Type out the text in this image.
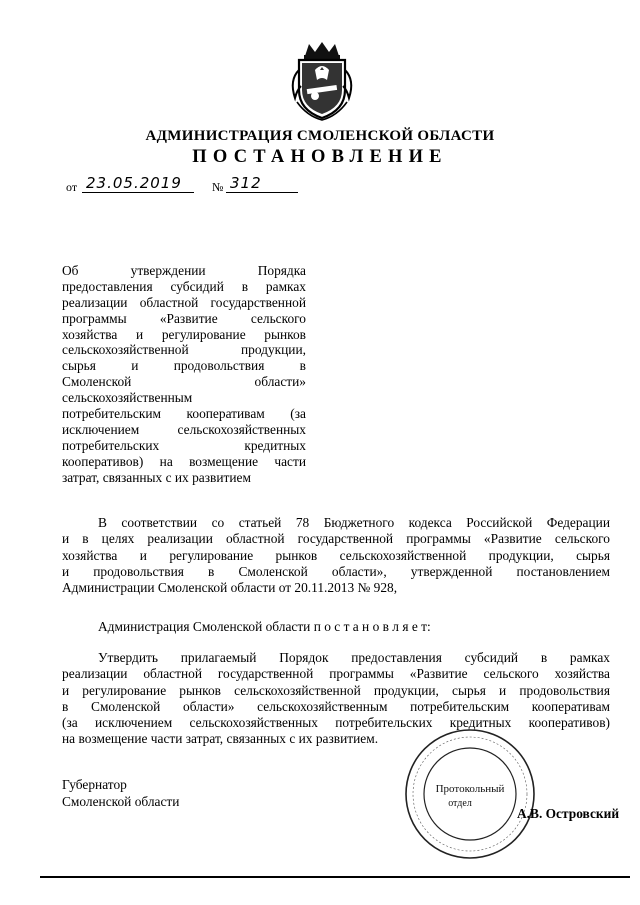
АДМИНИСТРАЦИЯ СМОЛЕНСКОЙ ОБЛАСТИ
ПОСТАНОВЛЕНИЕ
от 23.05.2019	№ 312
Об утверждении Порядка
предоставления субсидий в рамках
реализации областной государственной
программы «Развитие сельского
хозяйства и регулирование рынков
сельскохозяйственной продукции,
сырья и продовольствия в
Смоленской области»
сельскохозяйственным
потребительским кооперативам (за
исключением сельскохозяйственных
потребительских кредитных
кооперативов) на возмещение части
затрат, связанных с их развитием
В соответствии со статьей 78 Бюджетного кодекса Российской Федерации
и в целях реализации областной государственной программы «Развитие сельского
хозяйства и регулирование рынков сельскохозяйственной продукции, сырья
и продовольствия в Смоленской области», утвержденной постановлением
Администрации Смоленской области от 20.11.2013 № 928,
Администрация Смоленской области п о с т а н о в л я е т:
Утвердить прилагаемый Порядок предоставления субсидий в рамках
реализации областной государственной программы «Развитие сельского хозяйства
и регулирование рынков сельскохозяйственной продукции, сырья и продовольствия
в Смоленской области» сельскохозяйственным потребительским кооперативам
(за исключением сельскохозяйственных потребительских кредитных кооперативов)
на возмещение части затрат, связанных с их развитием.
Губернатор
Смоленской области
Протокольный
отдел
А.В. Островский
